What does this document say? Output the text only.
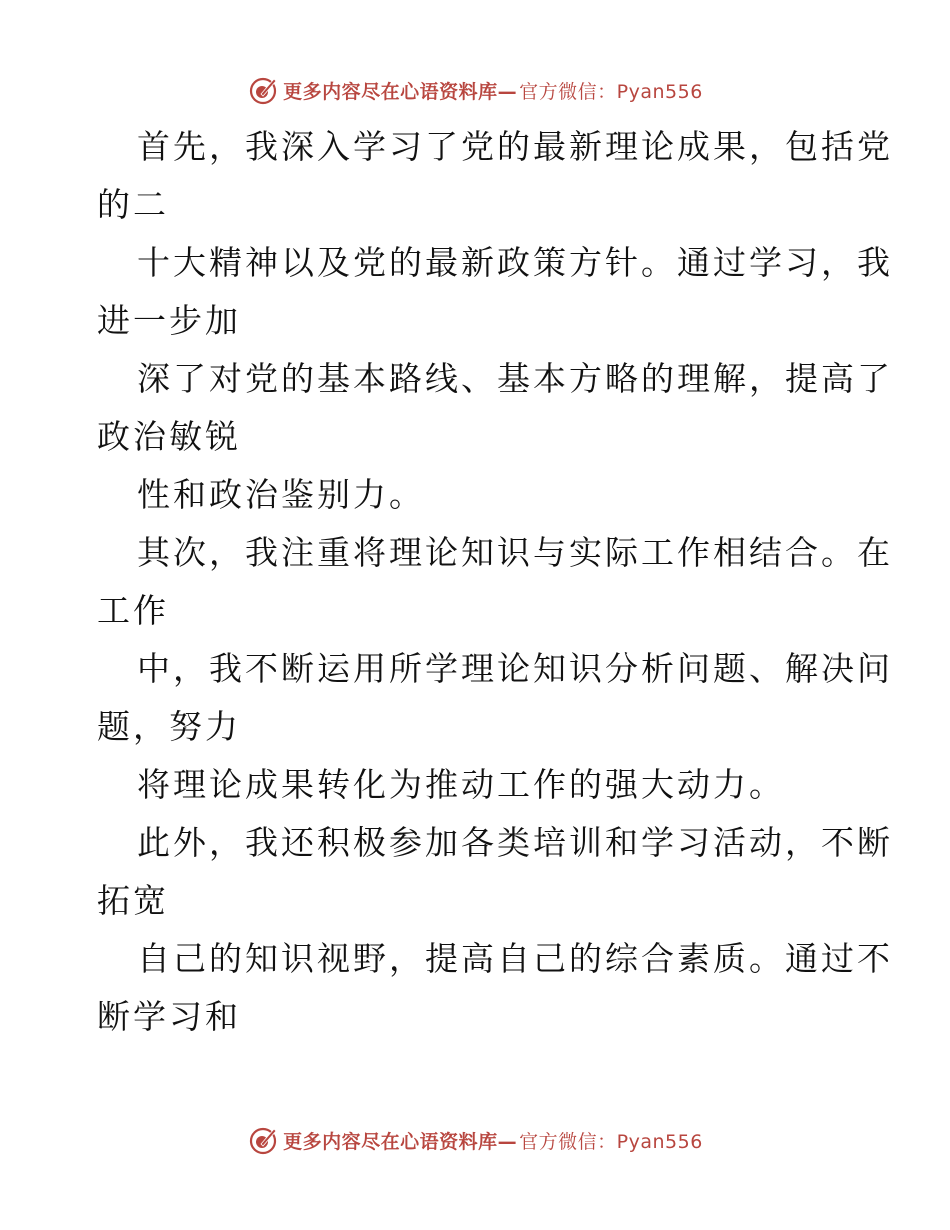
更多内容尽在心语资料库— 官方微信：Pyan556
首先，我深入学习了党的最新理论成果，包括党
的二
十大精神以及党的最新政策方针。通过学习，我
进一步加
深了对党的基本路线、基本方略的理解，提高了
政治敏锐
性和政治鉴别力。
其次，我注重将理论知识与实际工作相结合。在
工作
中，我不断运用所学理论知识分析问题、解决问
题，努力
将理论成果转化为推动工作的强大动力。
此外，我还积极参加各类培训和学习活动，不断
拓宽
自己的知识视野，提高自己的综合素质。通过不
断学习和
更多内容尽在心语资料库— 官方微信：Pyan556
